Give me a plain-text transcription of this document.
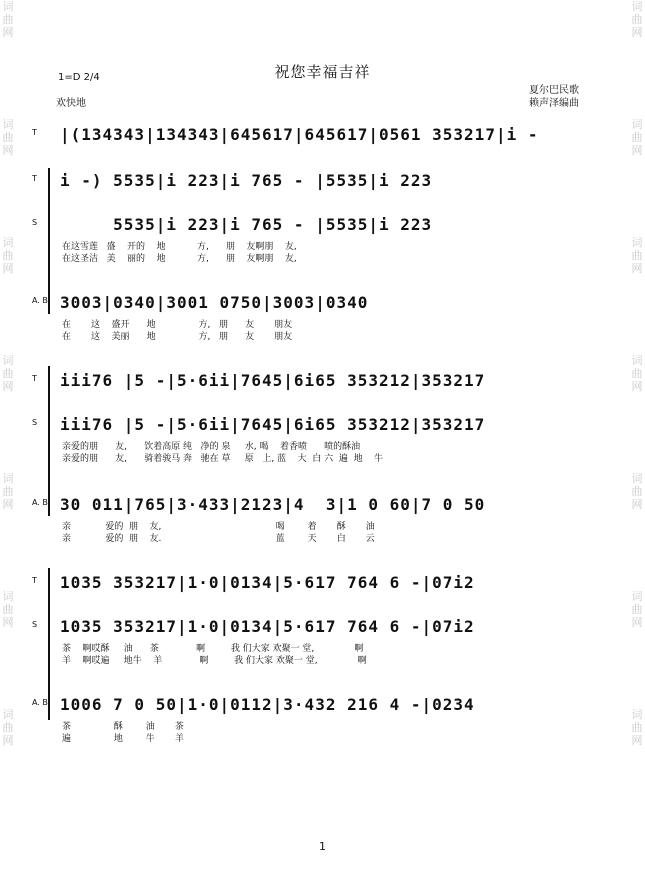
词
曲
网
词
曲
网
词
曲
网
词
曲
网
词
曲
网
词
曲
网
词
曲
网
词
曲
网
词
曲
网
词
曲
网
词
曲
网
词
曲
网
词
曲
网
词
曲
网
祝您幸福吉祥
1=D 2/4
欢快地
夏尔巴民歌
赖声泽编曲
T |(134343|134343|645617|645617|0561 353217|i -
T i -) 5535|i 223|i 765 - |5535|i 223
S 5535|i 223|i 765 - |5535|i 223
在这雪莲   盛    开的    地           方,      朋    友啊朋    友,
在这圣洁   美    丽的    地           方,      朋    友啊朋    友,
A. B. 3003|0340|3001 0750|3003|0340
在       这    盛开      地               方,   朋      友       朋友
在       这    美丽      地               方,   朋      友       朋友
T iii76 |5 -|5·6ii|7645|6i65 353212|353217
S iii76 |5 -|5·6ii|7645|6i65 353212|353217
亲爱的朋      友,      饮着高原 纯   净的 泉     水, 喝    着香喷      喷的酥油
亲爱的朋      友,      骑着骏马 奔   驰在 草     原   上, 蓝    大  白 六  遍  地    牛
A. B. 30 011|765|3·433|2123|4  3|1 0 60|7 0 50
亲            爱的  朋    友,                                        喝        着       酥       油
亲            爱的  朋    友.                                        蓝        天       白       云
T 1035 353217|1·0|0134|5·617 764 6 -|07i2
S 1035 353217|1·0|0134|5·617 764 6 -|07i2
茶    啊哎酥     油      茶             啊         我 们大家 欢聚一 堂,              啊
羊    啊哎遍     地牛    羊             啊         我 们大家 欢聚一 堂,              啊
A. B 1006 7 0 50|1·0|0112|3·432 216 4 -|0234
茶               酥        油       茶
遍               地        牛       羊
1
